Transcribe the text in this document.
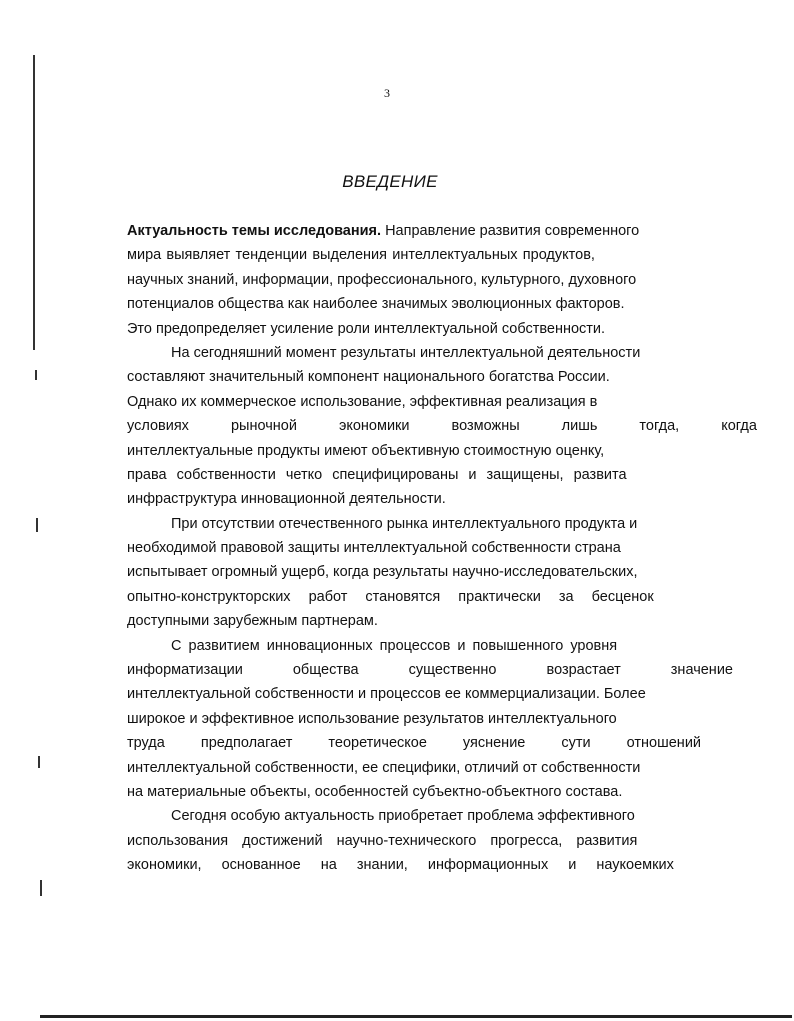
3
ВВЕДЕНИЕ
Актуальность темы исследования. Направление развития современного
мира выявляет тенденции выделения интеллектуальных продуктов,
научных знаний, информации, профессионального, культурного, духовного
потенциалов общества как наиболее значимых эволюционных факторов.
Это предопределяет усиление роли интеллектуальной собственности.
На сегодняшний момент результаты интеллектуальной деятельности
составляют значительный компонент национального богатства России.
Однако их коммерческое использование, эффективная реализация в
условиях рыночной экономики возможны лишь тогда, когда
интеллектуальные продукты имеют объективную стоимостную оценку,
права собственности четко специфицированы и защищены, развита
инфраструктура инновационной деятельности.
При отсутствии отечественного рынка интеллектуального продукта и
необходимой правовой защиты интеллектуальной собственности страна
испытывает огромный ущерб, когда результаты научно-исследовательских,
опытно-конструкторских работ становятся практически за бесценок
доступными зарубежным партнерам.
С развитием инновационных процессов и повышенного уровня
информатизации общества существенно возрастает значение
интеллектуальной собственности и процессов ее коммерциализации. Более
широкое и эффективное использование результатов интеллектуального
труда предполагает теоретическое уяснение сути отношений
интеллектуальной собственности, ее специфики, отличий от собственности
на материальные объекты, особенностей субъектно-объектного состава.
Сегодня особую актуальность приобретает проблема эффективного
использования достижений научно-технического прогресса, развития
экономики, основанное на знании, информационных и наукоемких
